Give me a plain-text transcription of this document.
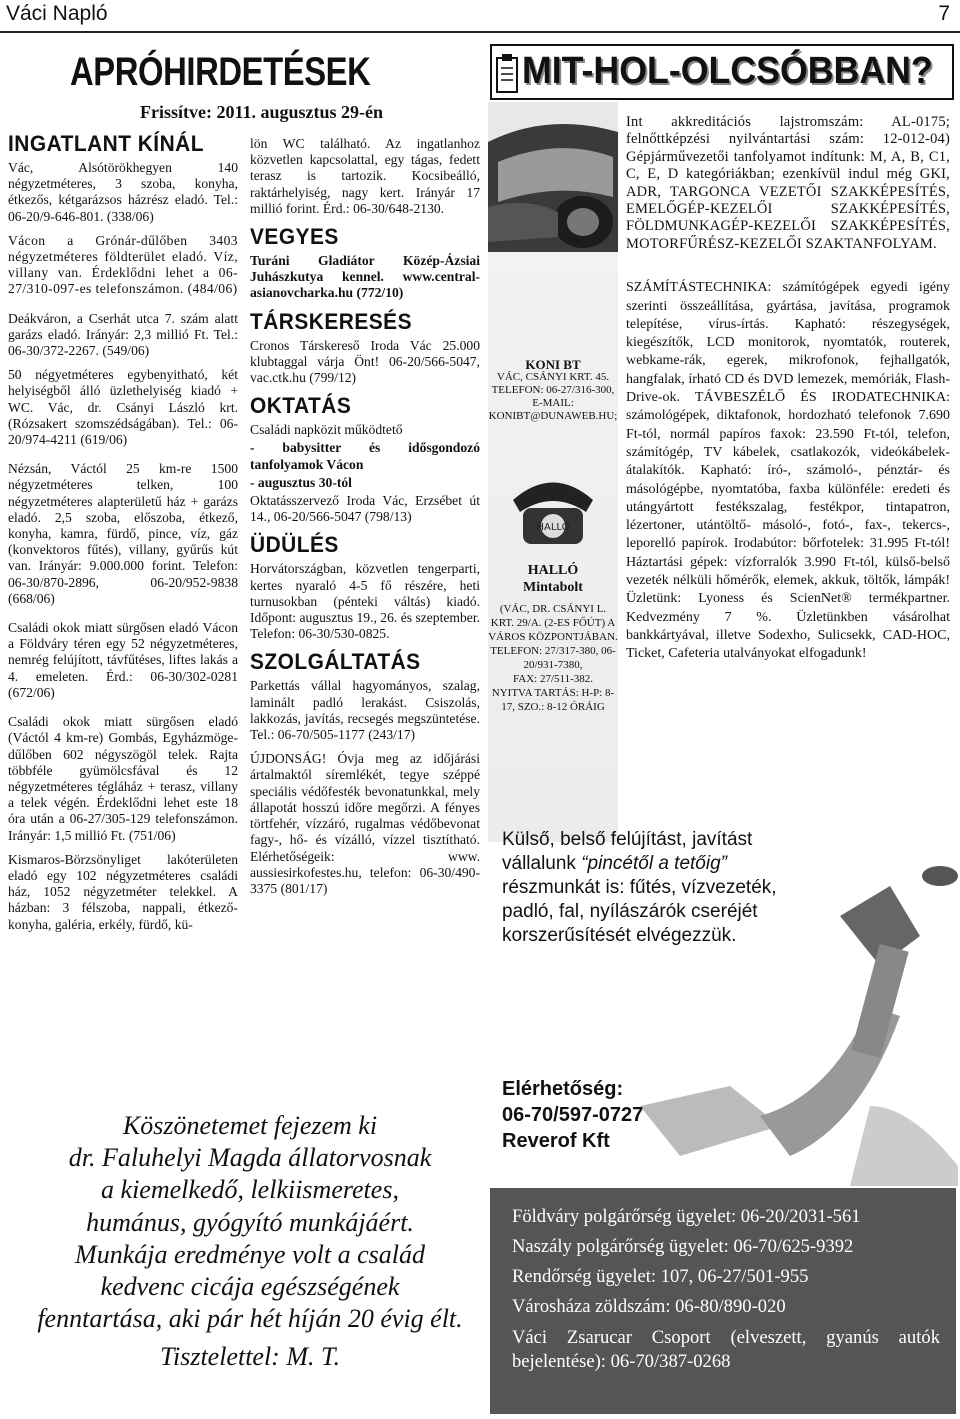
Váci Napló	7
APRÓHIRDETÉSEK
Frissítve: 2011. augusztus 29-én
INGATLANT KÍNÁL

Vác, Alsótörökhegyen 140 négyzetméteres, 3 szoba, konyha, étkezős, kétgarázsos házrész eladó. Tel.: 06-20/9-646-801. (338/06)

Vácon a Grónár-dűlőben 3403 négyzetméteres földterület eladó. Víz, villany van. Érdeklődni lehet a 06-27/310-097-es telefonszámon. (484/06)

Deákváron, a Cserhát utca 7. szám alatt garázs eladó. Irányár: 2,3 millió Ft. Tel.: 06-30/372-2267. (549/06)

50 négyetméteres egybenyitható, két helyiségből álló üzlethelyiség kiadó + WC. Vác, dr. Csányi László krt. (Rózsakert szomszédságában). Tel.: 06-20/974-4211 (619/06)

Nézsán, Váctól 25 km-re 1500 négyzetméteres telken, 100 négyzetméteres alapterületű ház + garázs eladó. 2,5 szoba, előszoba, étkező, konyha, kamra, fürdő, pince, víz, gáz (konvektoros fűtés), villany, gyűrűs kút van. Irányár: 9.000.000 forint. Telefon: 06-30/870-2896, 06-20/952-9838 (668/06)

Családi okok miatt sürgősen eladó Vácon a Földváry téren egy 52 négyzetméteres, nemrég felújított, távfűtéses, liftes lakás a 4. emeleten. Érd.: 06-30/302-0281 (672/06)

Családi okok miatt sürgősen eladó (Váctól 4 km-re) Gombás, Egyházmöge-dűlőben 602 négyszögöl telek. Rajta többféle gyümölcsfával és 12 négyzetméteres tégláház + terasz, villany a telek végén. Érdeklődni lehet este 18 óra után a 06-27/305-129 telefonszámon. Irányár: 1,5 millió Ft. (751/06)

Kismaros-Börzsönyliget lakóterületen eladó egy 102 négyzetméteres családi ház, 1052 négyzetméter telekkel. A házban: 3 félszoba, nappali, étkező-konyha, galéria, erkély, fürdő, kü-

lön WC található. Az ingatlanhoz közvetlen kapcsolattal, egy tágas, fedett terasz is tartozik. Kocsibeálló, raktárhelyiség, nagy kert. Irányár 17 millió forint. Érd.: 06-30/648-2130.

VEGYES

Turáni Gladiátor Közép-Ázsiai Juhászkutya kennel. www.central-asianovcharka.hu (772/10)

TÁRSKERESÉS

Cronos Társkereső Iroda Vác 25.000 klubtaggal várja Önt! 06-20/566-5047, vac.ctk.hu (799/12)

OKTATÁS

Családi napközit működtető

- babysitter és idősgondozó tanfolyamok Vácon

- augusztus 30-tól

Oktatásszervező Iroda Vác, Erzsébet út 14., 06-20/566-5047 (798/13)

ÜDÜLÉS

Horvátországban, közvetlen tengerparti, kertes nyaraló 4-5 fő részére, heti turnusokban (pénteki váltás) kiadó. Időpont: augusztus 19., 26. és szeptember. Telefon: 06-30/530-0825.

SZOLGÁLTATÁS

Parkettás vállal hagyományos, szalag, laminált padló lerakást. Csiszolás, lakkozás, javítás, recsegés megszüntetése. Tel.: 06-70/505-1177 (243/17)

ÚJDONSÁG! Óvja meg az időjárási ártalmaktól síremlékét, tegye széppé speciális védőfesték bevonatunkkal, mely állapotát hosszú időre megőrzi. A fényes törtfehér, vízzáró, rugalmas védőbevonat fagy-, hő- és vízálló, vízzel tisztítható. Elérhetőségeik: www. aussiesirkofestes.hu, telefon: 06-30/490-3375 (801/17)

MIT-HOL-OLCSÓBBAN?
KONI BT
VÁC, CSÁNYI KRT. 45.
TELEFON: 06-27/316-300,
E-MAIL: KONIBT@DUNAWEB.HU;
HALLÓ
HALLÓ
Mintabolt
(VÁC, DR. CSÁNYI L. KRT. 29/A. (2-ES FŐÚT) A VÁROS KÖZPONTJÁBAN.
TELEFON: 27/317-380, 06-20/931-7380,
FAX: 27/511-382.
NYITVA TARTÁS: H-P: 8-17, SZO.: 8-12 ÓRÁIG

Int akkreditációs lajstromszám: AL-0175; felnőttképzési nyilvántartási szám: 12-012-04) Gépjárművezetői tanfolyamot indítunk: M, A, B, C1, C, E, D kategóriákban; ezenkívül indul még GKI, ADR, TARGONCA VEZETŐI SZAKKÉPESÍTÉS, EMELŐGÉP-KEZELŐI SZAKKÉPESÍTÉS, FÖLDMUNKAGÉP-KEZELŐI SZAKKÉPESÍTÉS, MOTORFŰRÉSZ-KEZELŐI SZAKTANFOLYAM.

SZÁMÍTÁSTECHNIKA: számítógépek egyedi igény szerinti összeállítása, gyártása, javítása, programok telepítése, vírus-írtás. Kapható: részegységek, kiegészítők, LCD monitorok, nyomtatók, routerek, webkame-rák, egerek, mikrofonok, fejhallgatók, hangfalak, írható CD és DVD lemezek, memóriák, Flash-Drive-ok. TÁVBESZÉLŐ ÉS IRODATECHNIKA: számológépek, diktafonok, hordozható telefonok 7.690 Ft-tól, normál papíros faxok: 23.590 Ft-tól, telefon, számítógép, TV kábelek, csatlakozók, videókábelek-átalakítók. Kapható: író-, számoló-, pénztár- és másológépbe, nyomtatóba, faxba különféle: eredeti és utángyártott festékszalag, festékpor, tintapatron, lézertoner, utántöltő- másoló-, fotó-, fax-, tekercs-, leporelló papírok. Irodabútor: bőrfotelek: 31.995 Ft-tól! Háztartási gépek: vízforralók 3.990 Ft-tól, külső-belső vezeték nélküli hőmérők, elemek, akkuk, töltők, lámpák! Üzletünk: Lyoness és ScienNet® termékpartner. Kedvezmény 7 %. Üzletünkben vásárolhat bankkártyával, illetve Sodexho, Sulicsekk, CAD-HOC, Ticket, Cafeteria utalványokat elfogadunk!

Külső, belső felújítást, javítást vállalunk “pincétől a tetőig” részmunkát is: fűtés, vízvezeték, padló, fal, nyílászárók cseréjét korszerűsítését elvégezzük.
Elérhetőség:
06-70/597-0727
Reverof Kft
Köszönetemet fejezem ki
dr. Faluhelyi Magda állatorvosnak
a kiemelkedő, lelkiismeretes,
humánus, gyógyító munkájáért.
Munkája eredménye volt a család
kedvenc cicája egészségének
fenntartása, aki pár hét híján 20 évig élt.
Tisztelettel: M. T.
Földváry polgárőrség ügyelet: 06-20/2031-561
Naszály polgárőrség ügyelet: 06-70/625-9392
Rendőrség ügyelet: 107, 06-27/501-955
Városháza zöldszám: 06-80/890-020
Váci Zsarucar Csoport (elveszett, gyanús autók bejelentése): 06-70/387-0268
